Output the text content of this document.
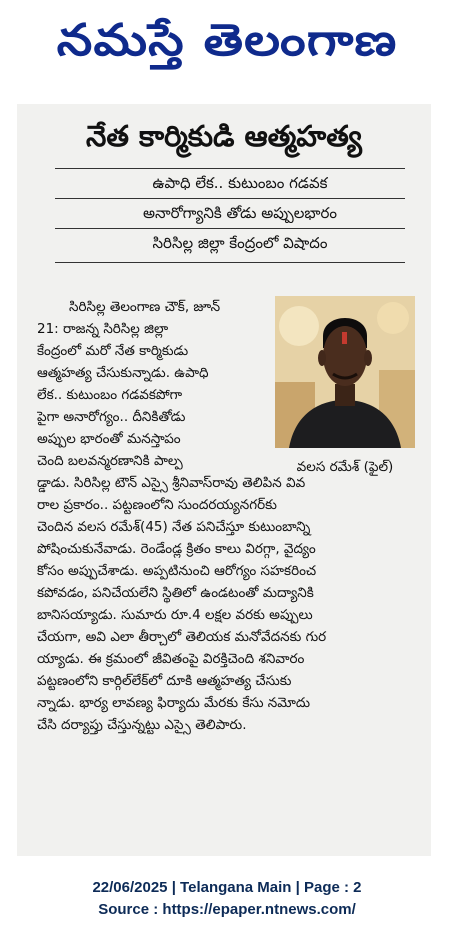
నమస్తే తెలంగాణ
నేత కార్మికుడి ఆత్మహత్య
ఉపాధి లేక.. కుటుంబం గడవక
అనారోగ్యానికి తోడు అప్పులభారం
సిరిసిల్ల జిల్లా కేంద్రంలో విషాదం
వలస రమేశ్ (ఫైల్)
సిరిసిల్ల తెలంగాణ చౌక్, జూన్
21: రాజన్న సిరిసిల్ల జిల్లా
కేంద్రంలో మరో నేత కార్మికుడు
ఆత్మహత్య చేసుకున్నాడు. ఉపాధి
లేక.. కుటుంబం గడవకపోగా
పైగా అనారోగ్యం.. దీనికితోడు
అప్పుల భారంతో మనస్తాపం
చెంది బలవన్మరణానికి పాల్ప
డ్డాడు. సిరిసిల్ల టౌన్ ఎస్సై శ్రీనివాస్‌రావు తెలిపిన వివ
రాల ప్రకారం.. పట్టణంలోని సుందరయ్యనగర్‌కు
చెందిన వలస రమేశ్(45) నేత పనిచేస్తూ కుటుంబాన్ని
పోషించుకునేవాడు. రెండేండ్ల క్రితం కాలు విరగ్గా, వైద్యం
కోసం అప్పుచేశాడు. అప్పటినుంచి ఆరోగ్యం సహకరించ
కపోవడం, పనిచేయలేని స్థితిలో ఉండటంతో మద్యానికి
బానిసయ్యాడు. సుమారు రూ.4 లక్షల వరకు అప్పులు
చేయగా, అవి ఎలా తీర్చాలో తెలియక మనోవేదనకు గుర
య్యాడు. ఈ క్రమంలో జీవితంపై విరక్తిచెంది శనివారం
పట్టణంలోని కార్గిల్‌లేక్‌లో దూకి ఆత్మహత్య చేసుకు
న్నాడు. భార్య లావణ్య ఫిర్యాదు మేరకు కేసు నమోదు
చేసి దర్యాప్తు చేస్తున్నట్టు ఎస్సై తెలిపారు.
22/06/2025 | Telangana Main | Page : 2
Source : https://epaper.ntnews.com/
